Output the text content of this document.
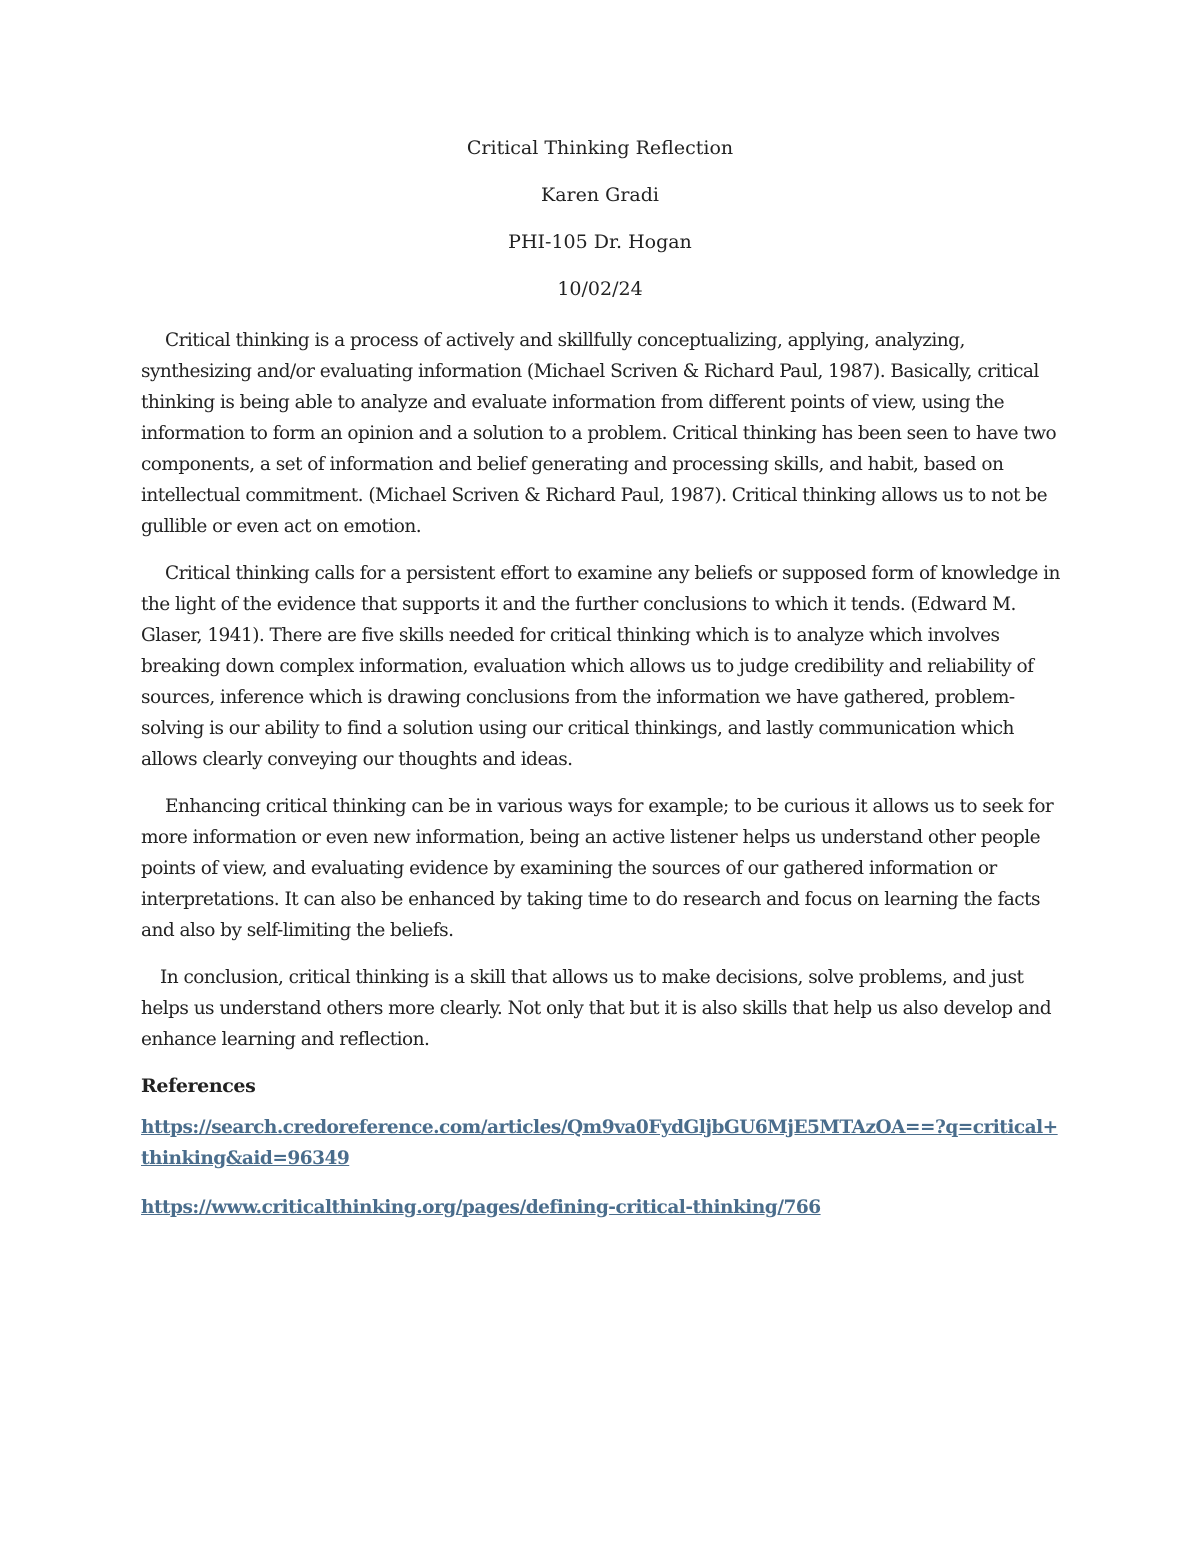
Critical Thinking Reflection
Karen Gradi
PHI-105 Dr. Hogan
10/02/24

Critical thinking is a process of actively and skillfully conceptualizing, applying, analyzing, synthesizing and/or evaluating information (Michael Scriven & Richard Paul, 1987). Basically, critical thinking is being able to analyze and evaluate information from different points of view, using the information to form an opinion and a solution to a problem. Critical thinking has been seen to have two components, a set of information and belief generating and processing skills, and habit, based on intellectual commitment. (Michael Scriven & Richard Paul, 1987). Critical thinking allows us to not be gullible or even act on emotion.

Critical thinking calls for a persistent effort to examine any beliefs or supposed form of knowledge in the light of the evidence that supports it and the further conclusions to which it tends. (Edward M. Glaser, 1941). There are five skills needed for critical thinking which is to analyze which involves breaking down complex information, evaluation which allows us to judge credibility and reliability of sources, inference which is drawing conclusions from the information we have gathered, problem-solving is our ability to find a solution using our critical thinkings, and lastly communication which allows clearly conveying our thoughts and ideas.

Enhancing critical thinking can be in various ways for example; to be curious it allows us to seek for more information or even new information, being an active listener helps us understand other people points of view, and evaluating evidence by examining the sources of our gathered information or interpretations. It can also be enhanced by taking time to do research and focus on learning the facts and also by self-limiting the beliefs.

In conclusion, critical thinking is a skill that allows us to make decisions, solve problems, and just helps us understand others more clearly. Not only that but it is also skills that help us also develop and enhance learning and reflection.

References
https://search.credoreference.com/articles/Qm9va0FydGljbGU6MjE5MTAzOA==?q=critical+thinking&aid=96349
https://www.criticalthinking.org/pages/defining-critical-thinking/766
